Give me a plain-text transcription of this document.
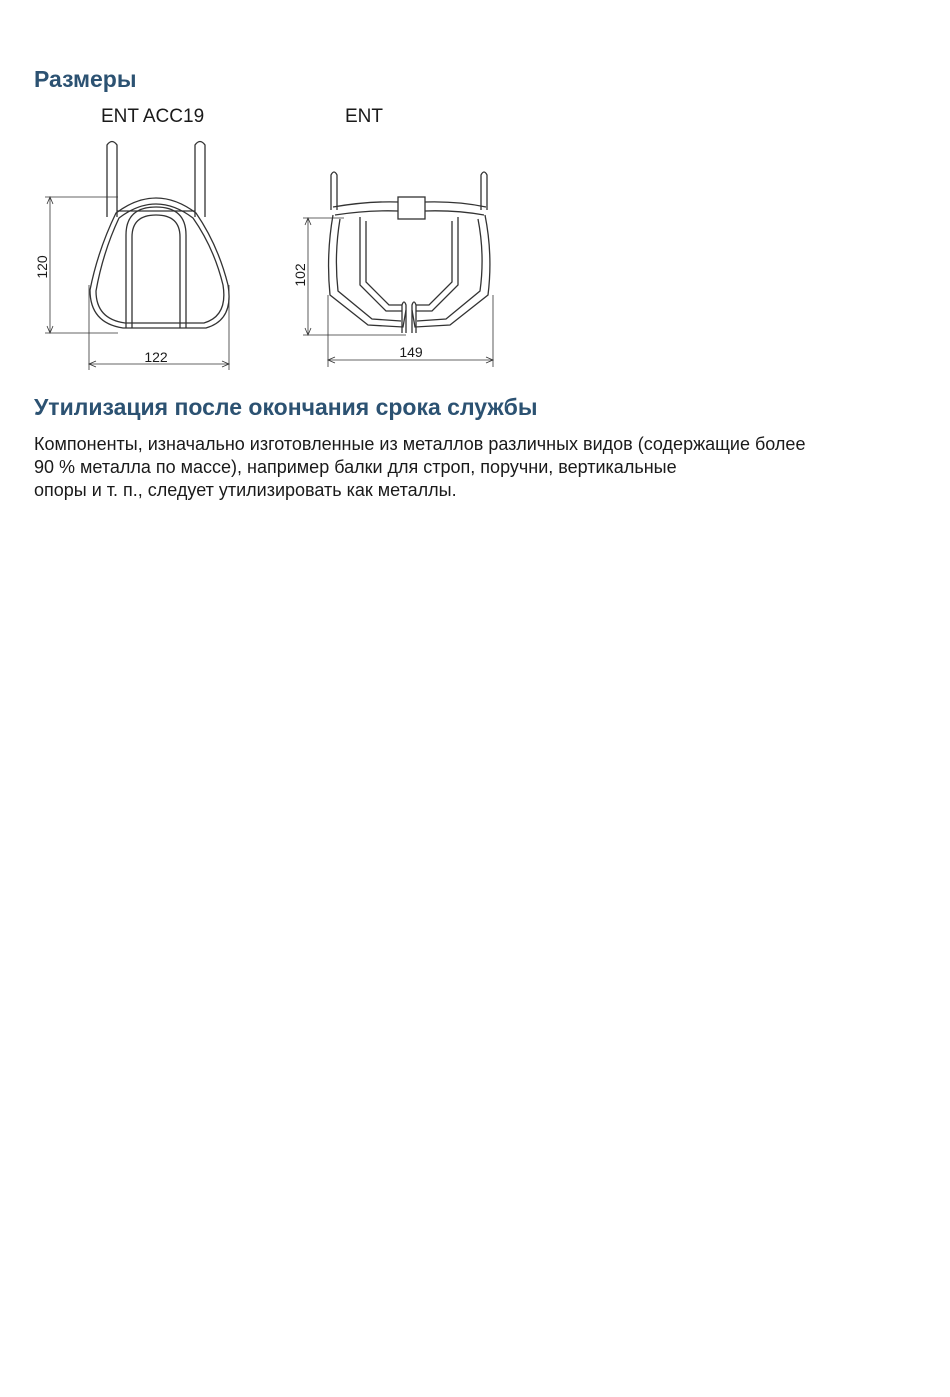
Размеры
ENT ACC19	ENT
120
122
102
149
Утилизация после окончания срока службы

Компоненты, изначально изготовленные из металлов различных видов (содержащие более
90 % металла по массе), например балки для строп, поручни, вертикальные
опоры и т. п., следует утилизировать как металлы.
